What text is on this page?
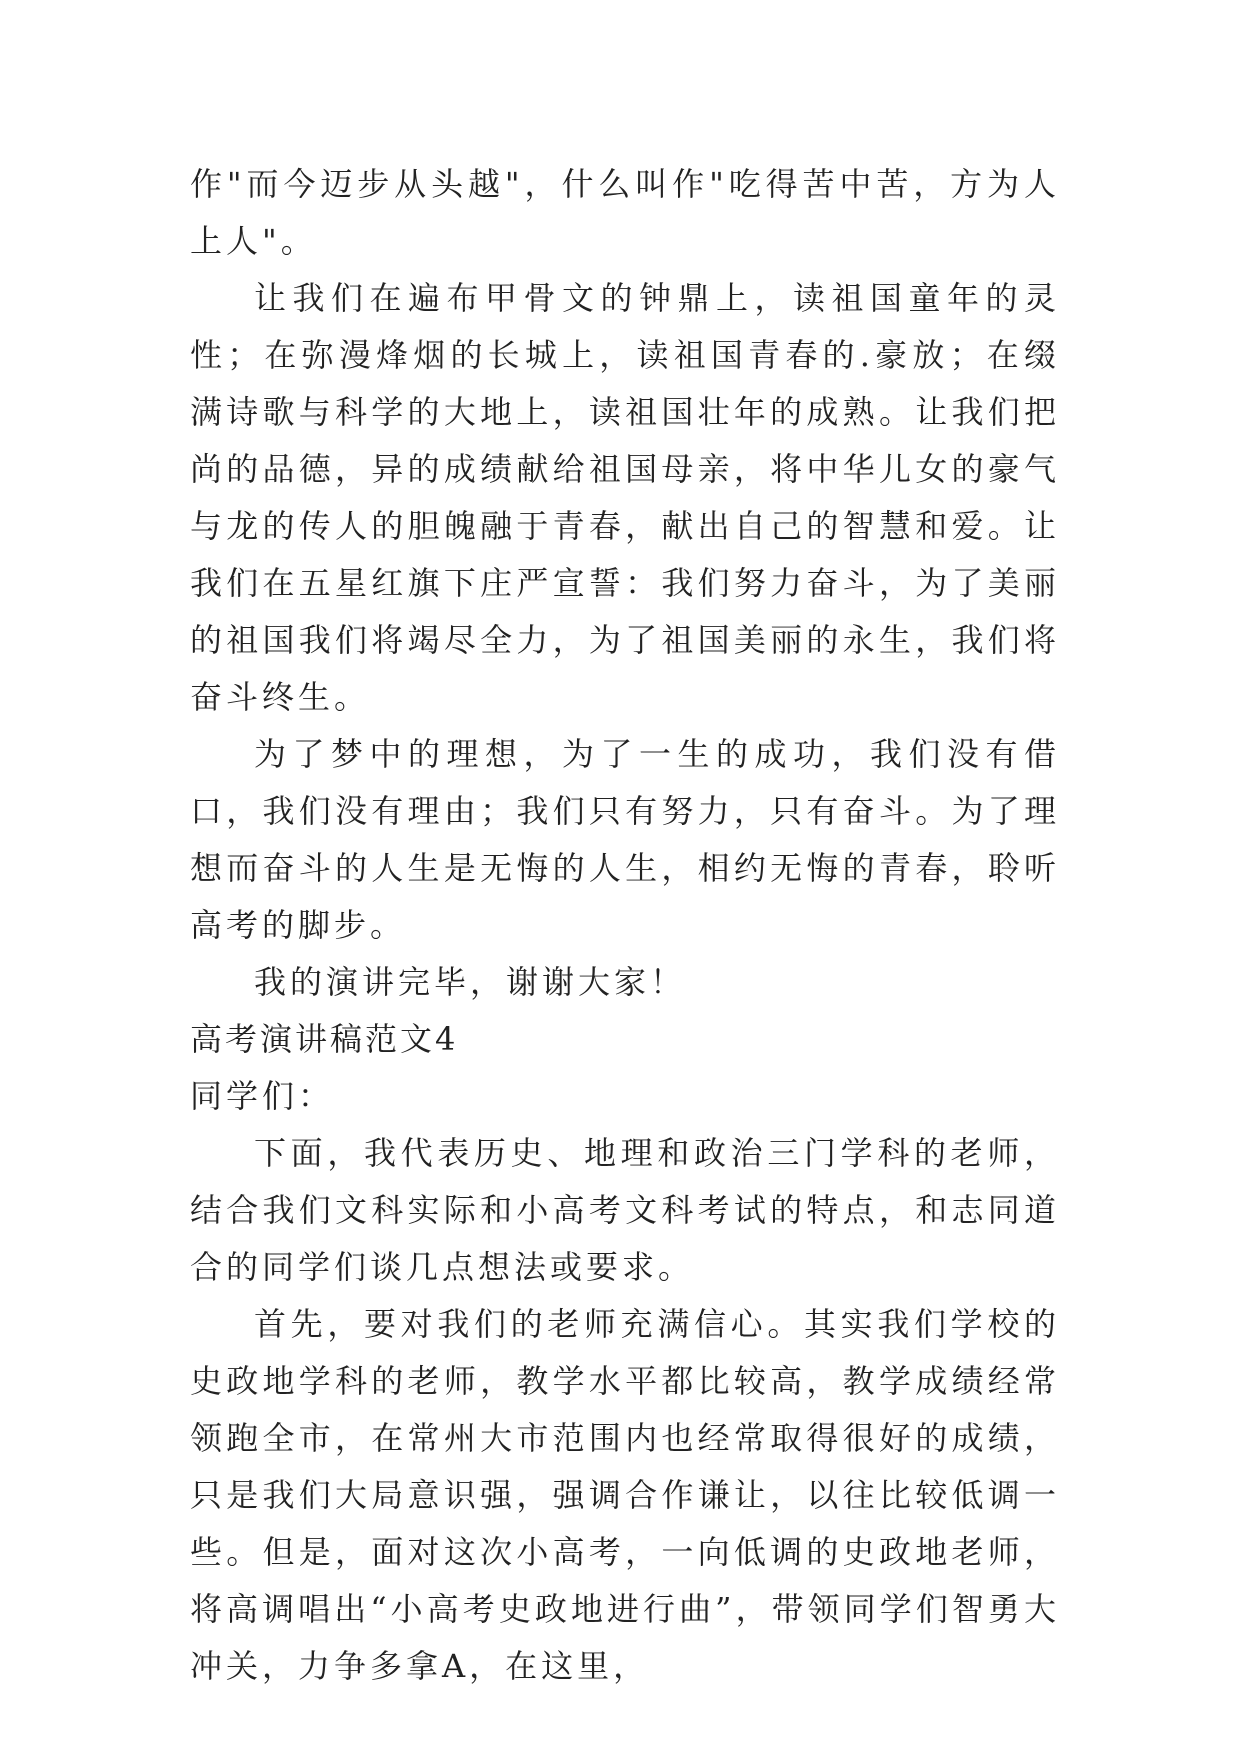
作"而今迈步从头越"，什么叫作"吃得苦中苦，方为人上人"。

让我们在遍布甲骨文的钟鼎上，读祖国童年的灵性；在弥漫烽烟的长城上，读祖国青春的.豪放；在缀满诗歌与科学的大地上，读祖国壮年的成熟。让我们把尚的品德，异的成绩献给祖国母亲，将中华儿女的豪气与龙的传人的胆魄融于青春，献出自己的智慧和爱。让我们在五星红旗下庄严宣誓：我们努力奋斗，为了美丽的祖国我们将竭尽全力，为了祖国美丽的永生，我们将奋斗终生。

为了梦中的理想，为了一生的成功，我们没有借口，我们没有理由；我们只有努力，只有奋斗。为了理想而奋斗的人生是无悔的人生，相约无悔的青春，聆听高考的脚步。

我的演讲完毕，谢谢大家！

高考演讲稿范文4

同学们：

下面，我代表历史、地理和政治三门学科的老师，结合我们文科实际和小高考文科考试的特点，和志同道合的同学们谈几点想法或要求。

首先，要对我们的老师充满信心。其实我们学校的史政地学科的老师，教学水平都比较高，教学成绩经常领跑全市，在常州大市范围内也经常取得很好的成绩，只是我们大局意识强，强调合作谦让，以往比较低调一些。但是，面对这次小高考，一向低调的史政地老师，将高调唱出“小高考史政地进行曲”，带领同学们智勇大冲关，力争多拿A，在这里，
